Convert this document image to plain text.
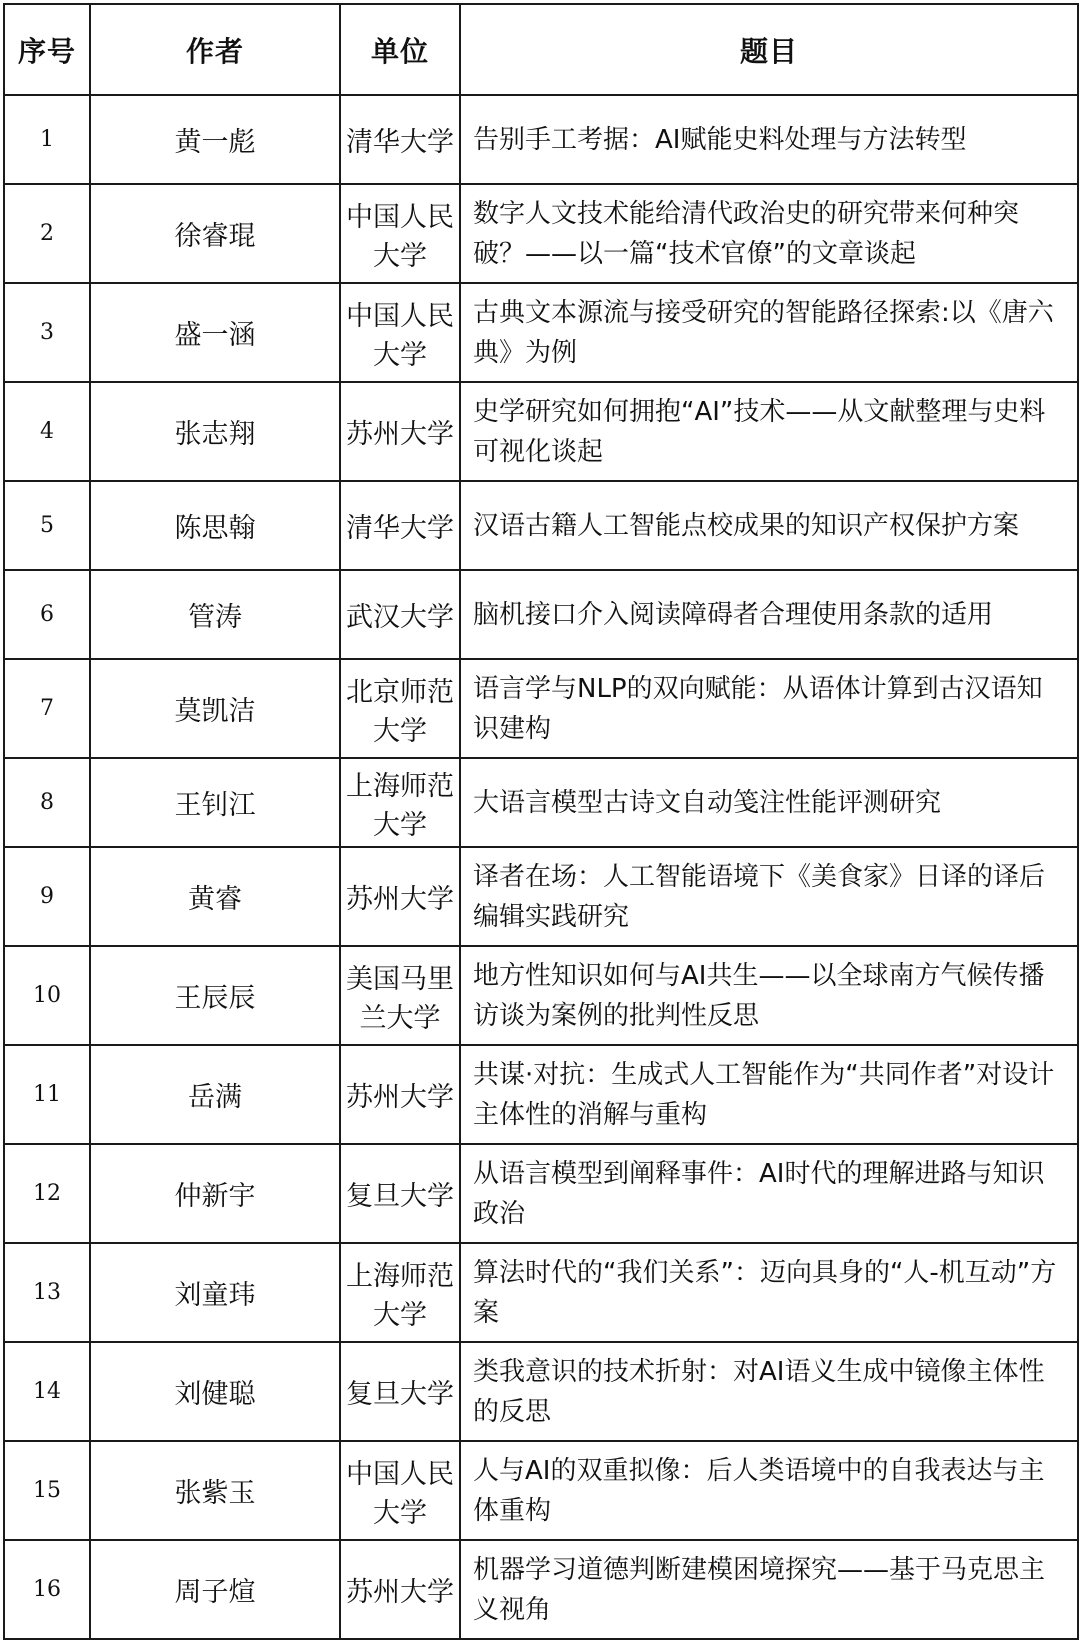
序号	作者	单位	题目
1	黄一彪	清华大学	告别手工考据：AI赋能史料处理与方法转型
2	徐睿琨	中国人民大学	数字人文技术能给清代政治史的研究带来何种突破？——以一篇“技术官僚”的文章谈起
3	盛一涵	中国人民大学	古典文本源流与接受研究的智能路径探索:以《唐六典》为例
4	张志翔	苏州大学	史学研究如何拥抱“AI”技术——从文献整理与史料可视化谈起
5	陈思翰	清华大学	汉语古籍人工智能点校成果的知识产权保护方案
6	管涛	武汉大学	脑机接口介入阅读障碍者合理使用条款的适用
7	莫凯洁	北京师范大学	语言学与NLP的双向赋能：从语体计算到古汉语知识建构
8	王钊江	上海师范大学	大语言模型古诗文自动笺注性能评测研究
9	黄睿	苏州大学	译者在场：人工智能语境下《美食家》日译的译后编辑实践研究
10	王辰辰	美国马里兰大学	地方性知识如何与AI共生——以全球南方气候传播访谈为案例的批判性反思
11	岳满	苏州大学	共谋·对抗：生成式人工智能作为“共同作者”对设计主体性的消解与重构
12	仲新宇	复旦大学	从语言模型到阐释事件：AI时代的理解进路与知识政治
13	刘童玮	上海师范大学	算法时代的“我们关系”：迈向具身的“人-机互动”方案
14	刘健聪	复旦大学	类我意识的技术折射：对AI语义生成中镜像主体性的反思
15	张紫玉	中国人民大学	人与AI的双重拟像：后人类语境中的自我表达与主体重构
16	周子煊	苏州大学	机器学习道德判断建模困境探究——基于马克思主义视角
